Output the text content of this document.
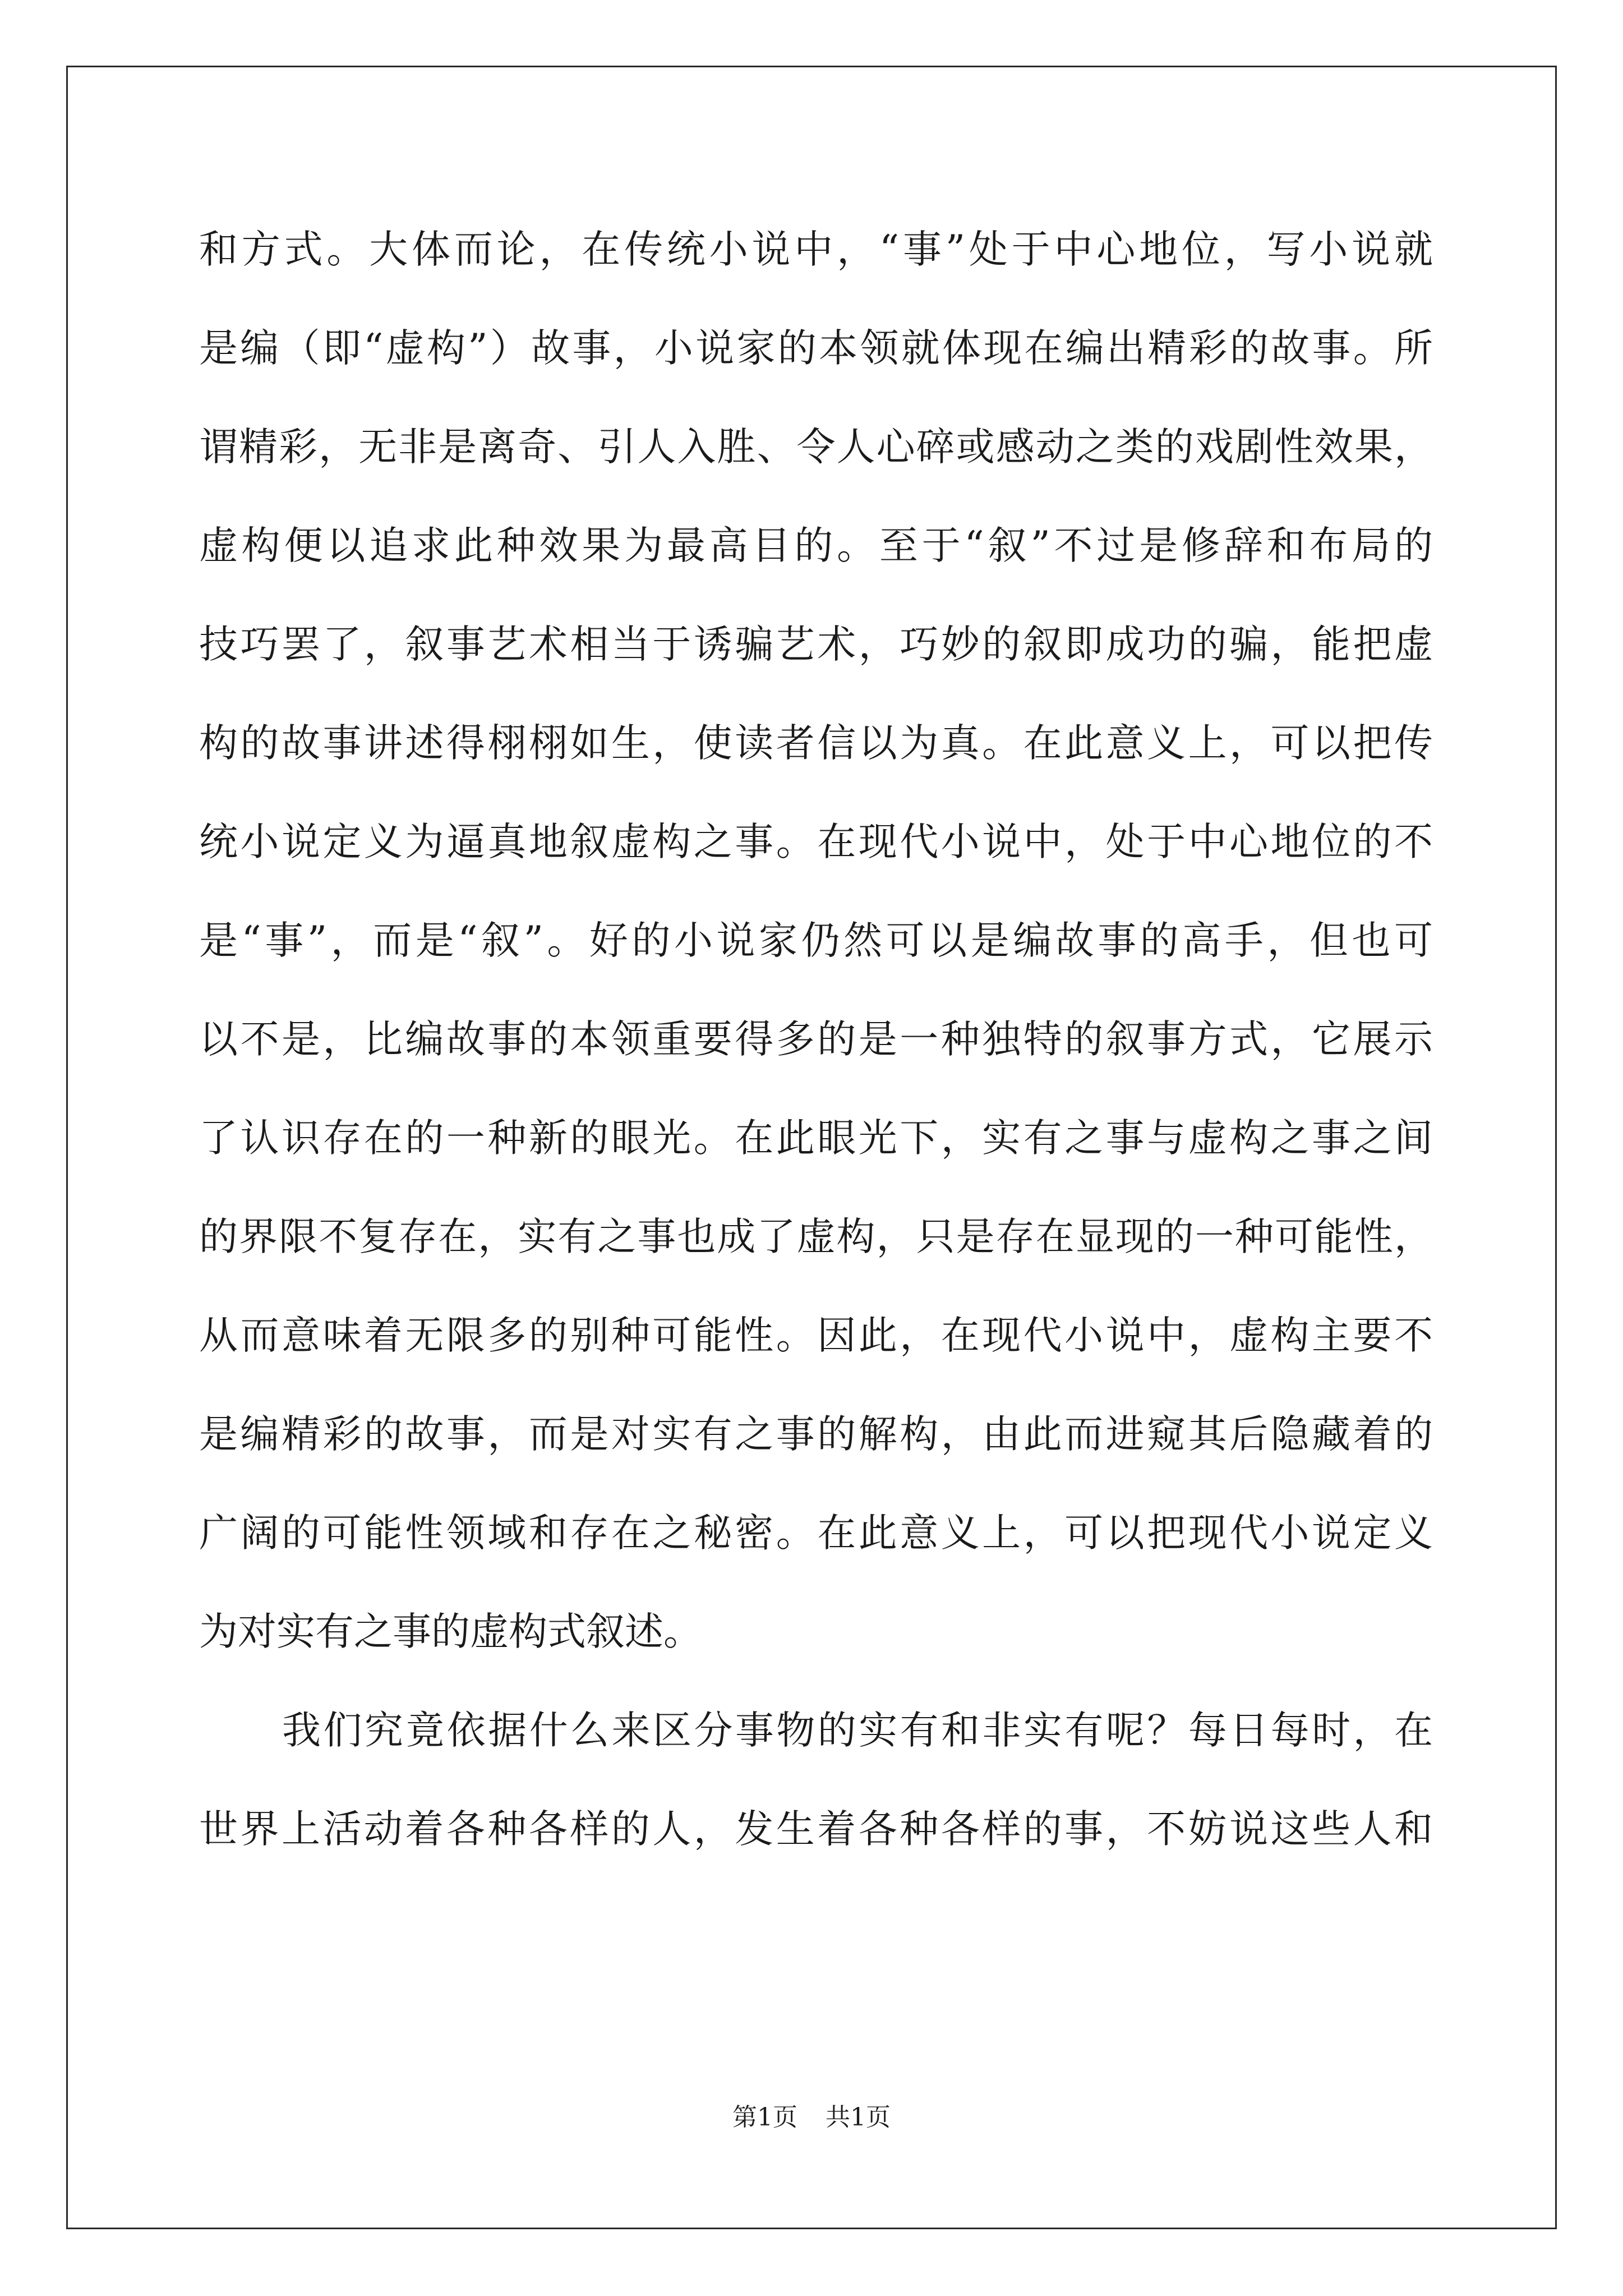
和方式。大体而论，在传统小说中，“事”处于中心地位，写小说就
是编（即“虚构”）故事，小说家的本领就体现在编出精彩的故事。所
谓精彩，无非是离奇、引人入胜、令人心碎或感动之类的戏剧性效果，
虚构便以追求此种效果为最高目的。至于“叙”不过是修辞和布局的
技巧罢了，叙事艺术相当于诱骗艺术，巧妙的叙即成功的骗，能把虚
构的故事讲述得栩栩如生，使读者信以为真。在此意义上，可以把传
统小说定义为逼真地叙虚构之事。在现代小说中，处于中心地位的不
是“事”，而是“叙”。好的小说家仍然可以是编故事的高手，但也可
以不是，比编故事的本领重要得多的是一种独特的叙事方式，它展示
了认识存在的一种新的眼光。在此眼光下，实有之事与虚构之事之间
的界限不复存在，实有之事也成了虚构，只是存在显现的一种可能性，
从而意味着无限多的别种可能性。因此，在现代小说中，虚构主要不
是编精彩的故事，而是对实有之事的解构，由此而进窥其后隐藏着的
广阔的可能性领域和存在之秘密。在此意义上，可以把现代小说定义
为对实有之事的虚构式叙述。
我们究竟依据什么来区分事物的实有和非实有呢？每日每时，在
世界上活动着各种各样的人，发生着各种各样的事，不妨说这些人和
第1页 共1页
